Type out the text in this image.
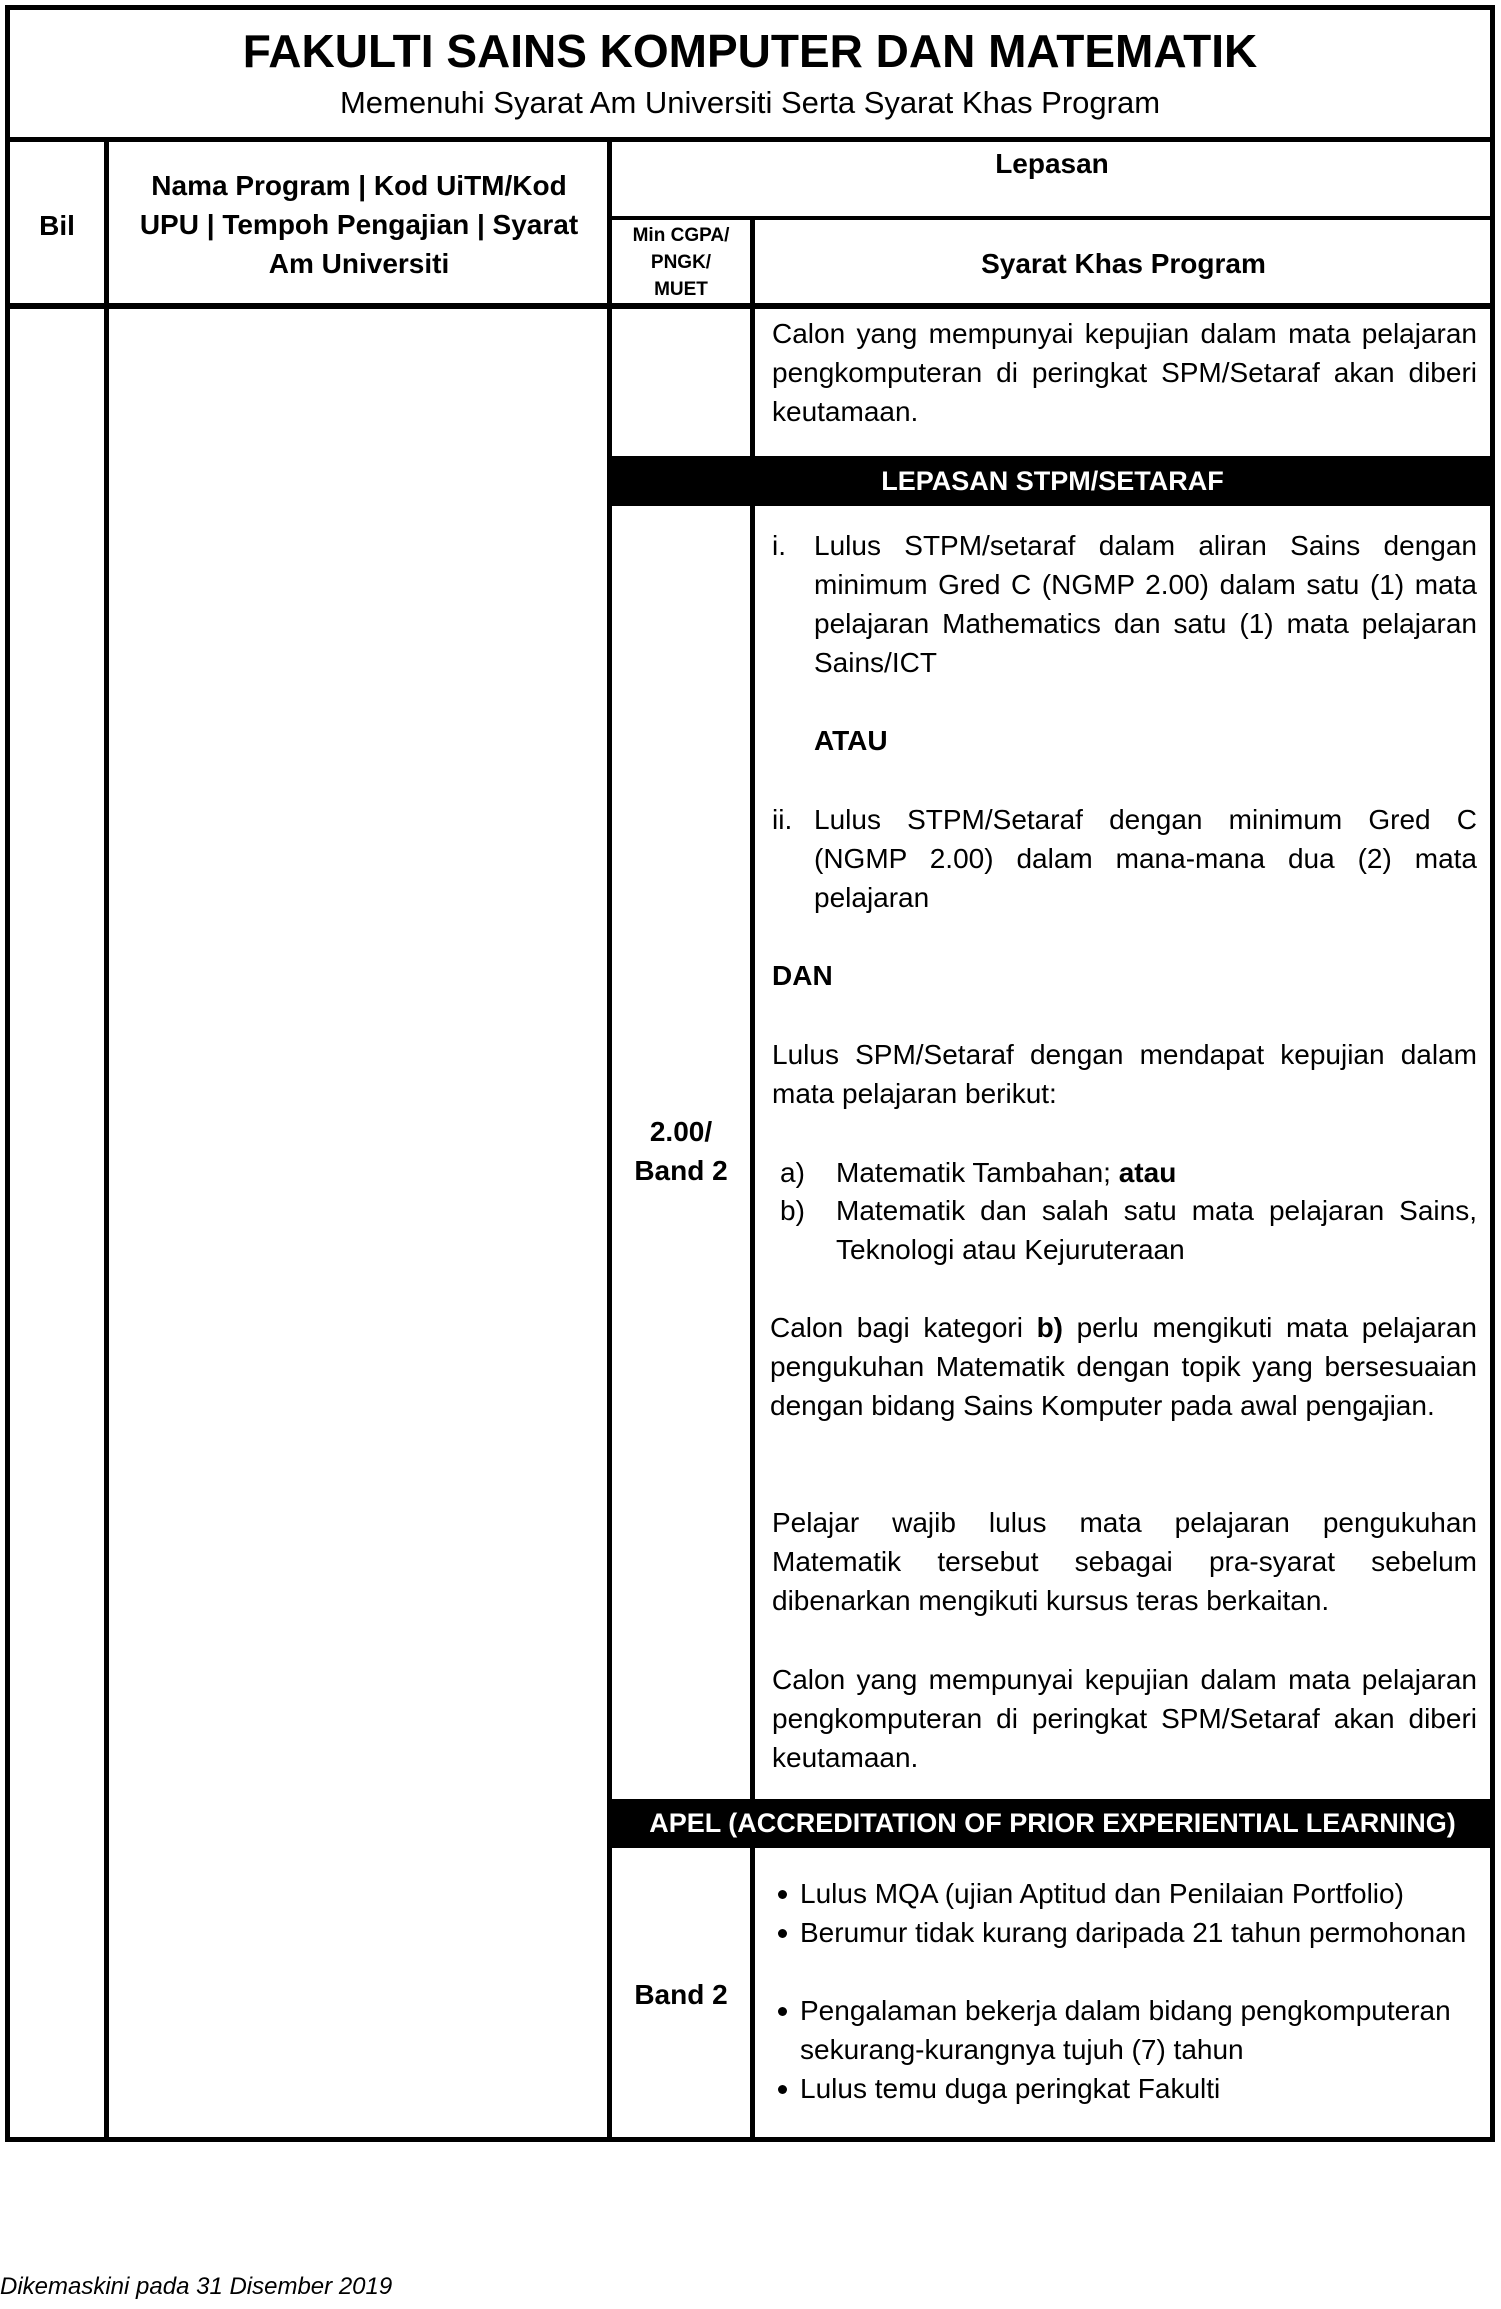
FAKULTI SAINS KOMPUTER DAN MATEMATIK
Memenuhi Syarat Am Universiti Serta Syarat Khas Program
Bil
Nama Program | Kod UiTM/Kod UPU | Tempoh Pengajian | Syarat Am Universiti
Lepasan
Min CGPA/
PNGK/
MUET
Syarat Khas Program
Calon yang mempunyai kepujian dalam mata pelajaran pengkomputeran di peringkat SPM/Setaraf akan diberi keutamaan.
LEPASAN STPM/SETARAF
2.00/
Band 2
i. Lulus STPM/setaraf dalam aliran Sains dengan minimum Gred C (NGMP 2.00) dalam satu (1) mata pelajaran Mathematics dan satu (1) mata pelajaran Sains/ICT
ATAU
ii. Lulus STPM/Setaraf dengan minimum Gred C (NGMP 2.00) dalam mana-mana dua (2) mata pelajaran
DAN
Lulus SPM/Setaraf dengan mendapat kepujian dalam mata pelajaran berikut:
a) Matematik Tambahan; atau
b) Matematik dan salah satu mata pelajaran Sains, Teknologi atau Kejuruteraan
Calon bagi kategori b) perlu mengikuti mata pelajaran pengukuhan Matematik dengan topik yang bersesuaian dengan bidang Sains Komputer pada awal pengajian.
Pelajar wajib lulus mata pelajaran pengukuhan Matematik tersebut sebagai pra-syarat sebelum dibenarkan mengikuti kursus teras berkaitan.
Calon yang mempunyai kepujian dalam mata pelajaran pengkomputeran di peringkat SPM/Setaraf akan diberi keutamaan.
APEL (ACCREDITATION OF PRIOR EXPERIENTIAL LEARNING)
Band 2
Lulus MQA (ujian Aptitud dan Penilaian Portfolio)
Berumur tidak kurang daripada 21 tahun permohonan
Pengalaman bekerja dalam bidang pengkomputeran sekurang-kurangnya tujuh (7) tahun
Lulus temu duga peringkat Fakulti
Dikemaskini pada 31 Disember 2019
